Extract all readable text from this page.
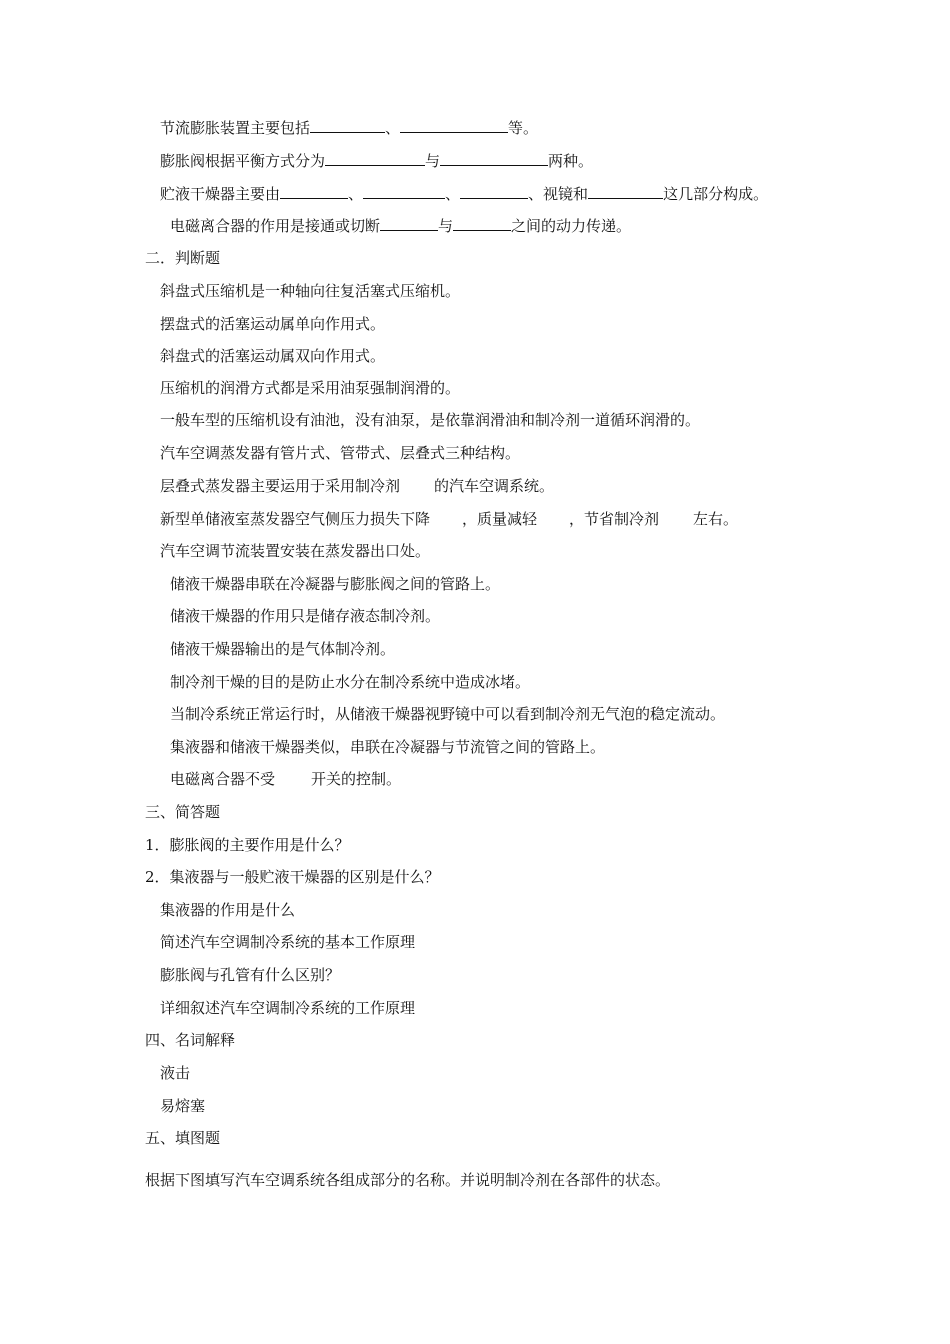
节流膨胀装置主要包括	、	等。
膨胀阀根据平衡方式分为	与	两种。
贮液干燥器主要由	、	、	、视镜和	这几部分构成。
电磁离合器的作用是接通或切断	与	之间的动力传递。
二．判断题
斜盘式压缩机是一种轴向往复活塞式压缩机。
摆盘式的活塞运动属单向作用式。
斜盘式的活塞运动属双向作用式。
压缩机的润滑方式都是采用油泵强制润滑的。
一般车型的压缩机设有油池，没有油泵，是依靠润滑油和制冷剂一道循环润滑的。
汽车空调蒸发器有管片式、管带式、层叠式三种结构。
层叠式蒸发器主要运用于采用制冷剂 的汽车空调系统。
新型单储液室蒸发器空气侧压力损失下降 ，质量减轻 ，节省制冷剂 左右。
汽车空调节流装置安装在蒸发器出口处。
储液干燥器串联在冷凝器与膨胀阀之间的管路上。
储液干燥器的作用只是储存液态制冷剂。
储液干燥器输出的是气体制冷剂。
制冷剂干燥的目的是防止水分在制冷系统中造成冰堵。
当制冷系统正常运行时，从储液干燥器视野镜中可以看到制冷剂无气泡的稳定流动。
集液器和储液干燥器类似，串联在冷凝器与节流管之间的管路上。
电磁离合器不受 开关的控制。
三、简答题
1．膨胀阀的主要作用是什么？
2．集液器与一般贮液干燥器的区别是什么？
集液器的作用是什么
简述汽车空调制冷系统的基本工作原理
膨胀阀与孔管有什么区别？
详细叙述汽车空调制冷系统的工作原理
四、名词解释
液击
易熔塞
五、填图题
根据下图填写汽车空调系统各组成部分的名称。并说明制冷剂在各部件的状态。
